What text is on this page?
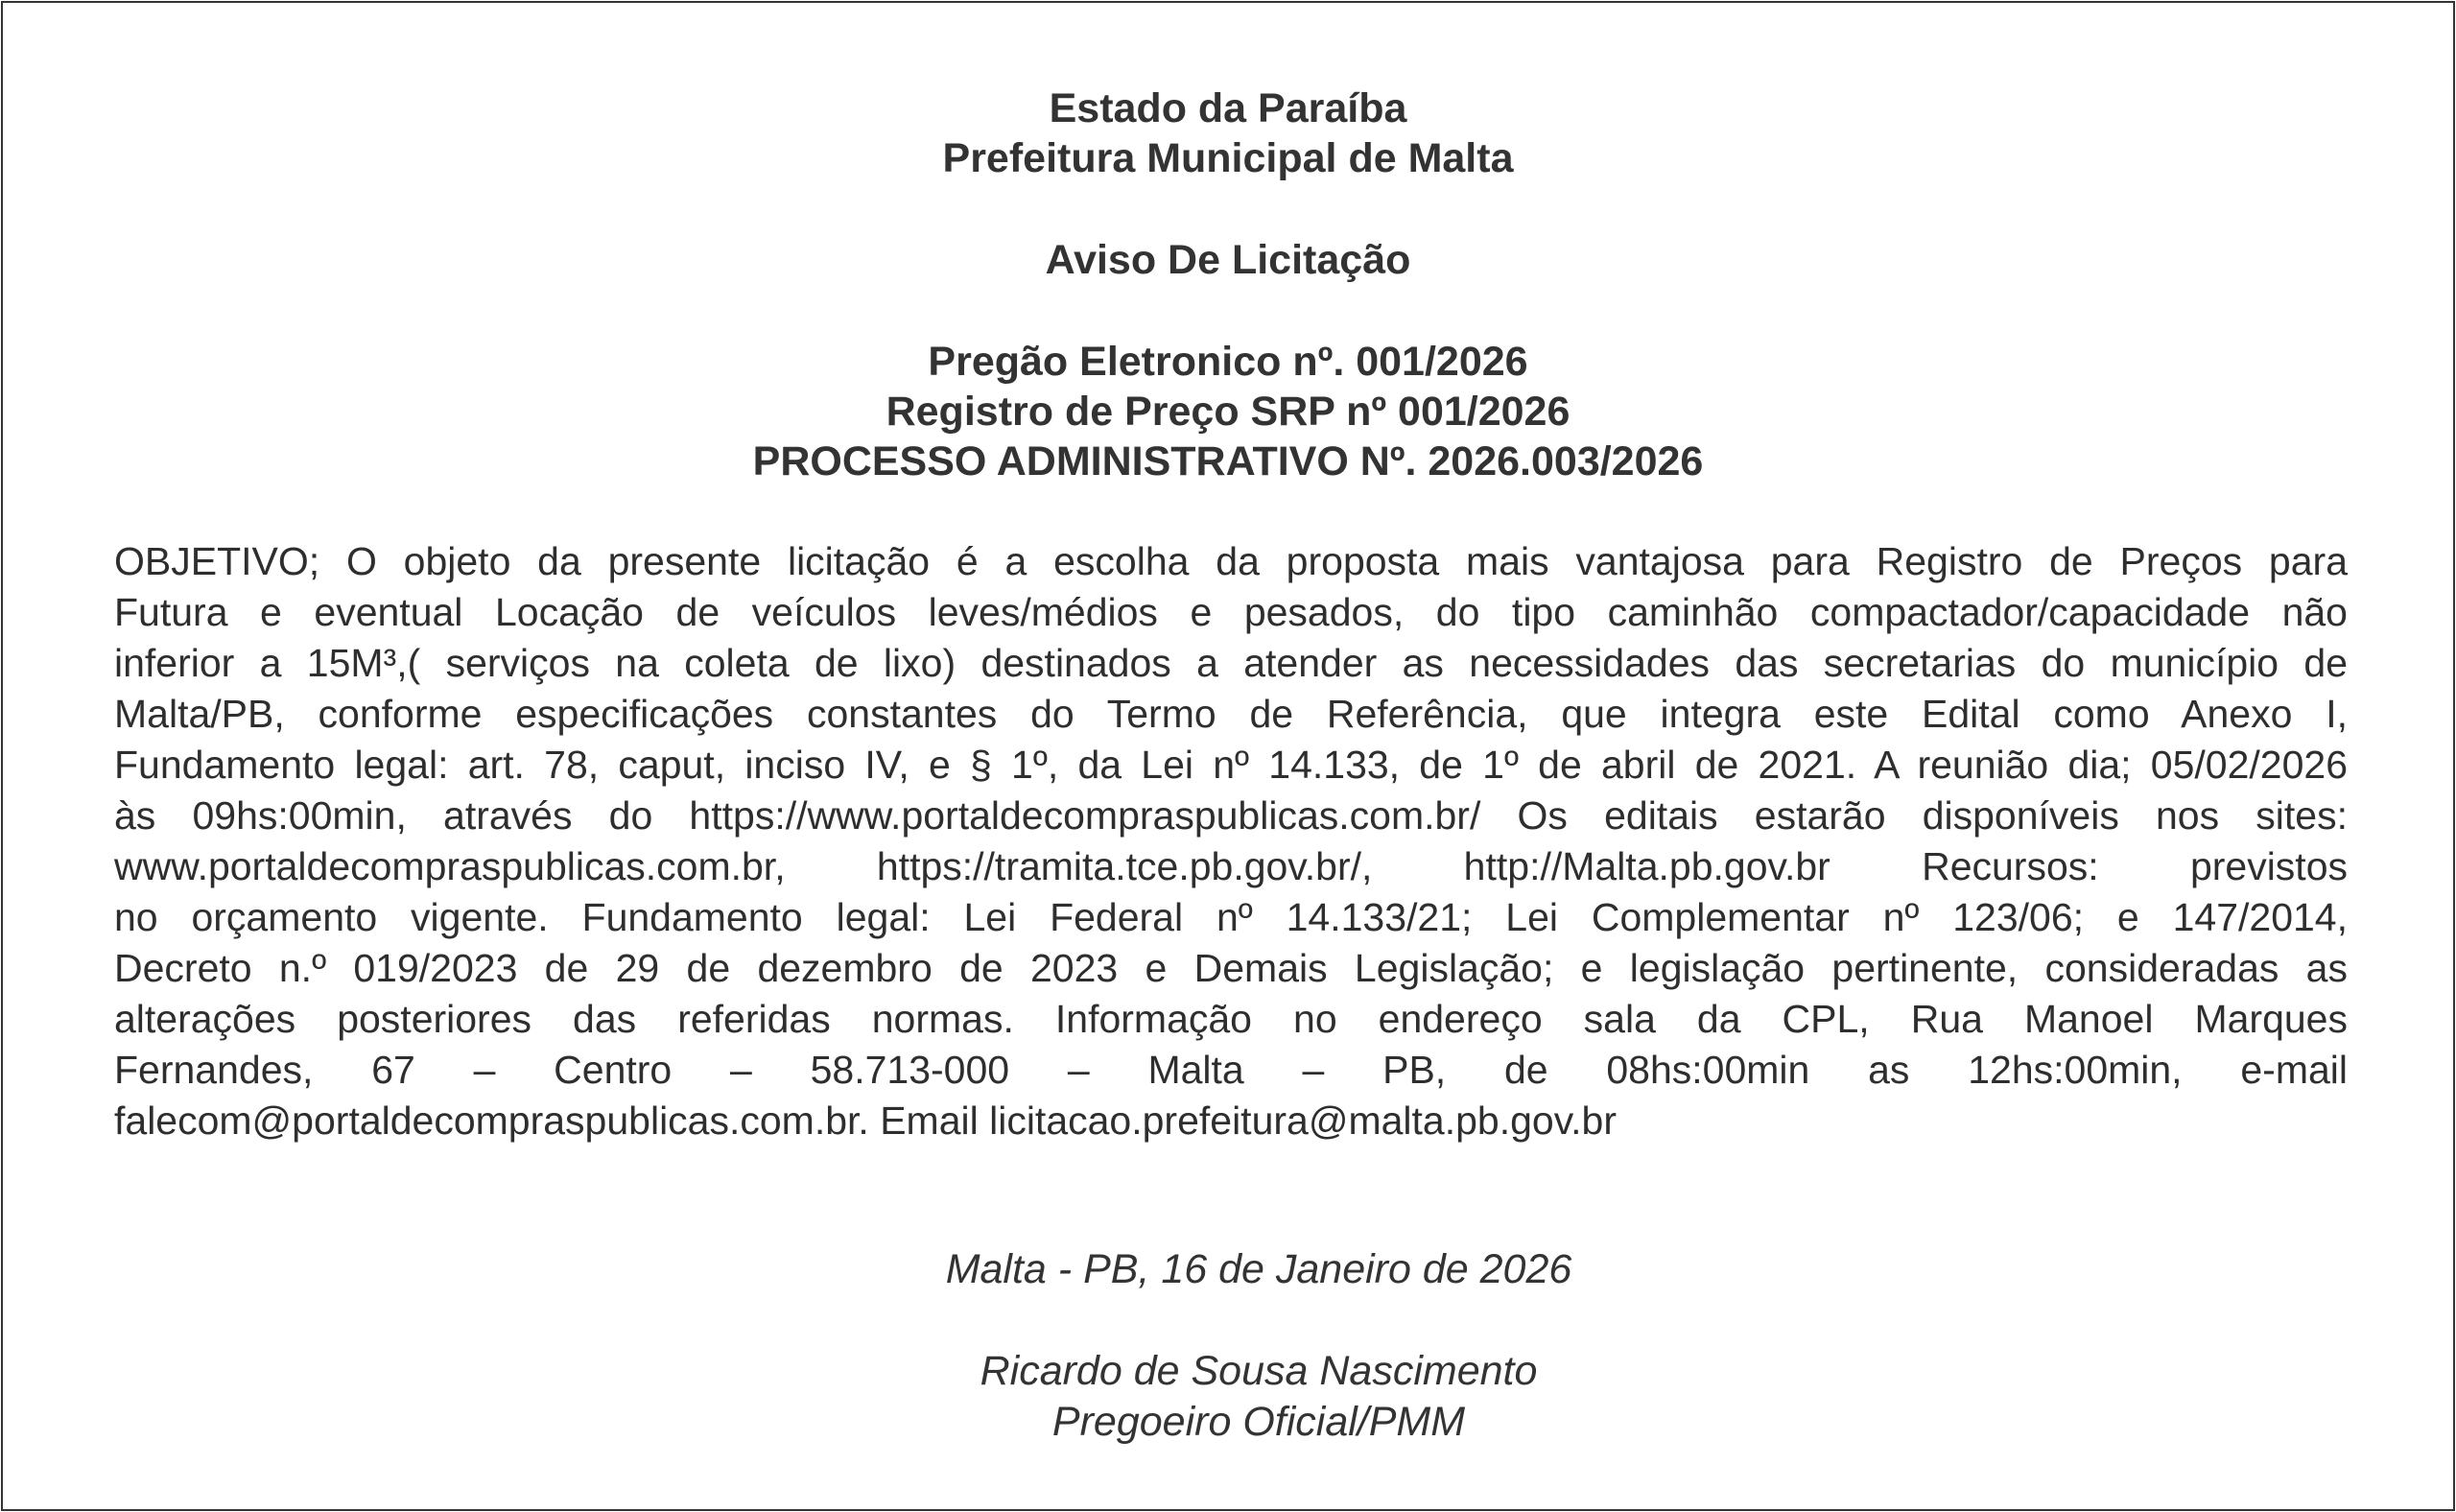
Estado da Paraíba
Prefeitura Municipal de Malta
Aviso De Licitação
Pregão Eletronico nº. 001/2026
Registro de Preço SRP nº 001/2026
PROCESSO ADMINISTRATIVO Nº. 2026.003/2026
OBJETIVO; O objeto da presente licitação é a escolha da proposta mais vantajosa para Registro de Preços para
Futura e eventual Locação de veículos leves/médios e pesados, do tipo caminhão compactador/capacidade não
inferior a 15M³,( serviços na coleta de lixo) destinados a atender as necessidades das secretarias do município de
Malta/PB, conforme especificações constantes do Termo de Referência, que integra este Edital como Anexo I,
Fundamento legal: art. 78, caput, inciso IV, e § 1º, da Lei nº 14.133, de 1º de abril de 2021. A reunião dia; 05/02/2026
às 09hs:00min, através do https://www.portaldecompraspublicas.com.br/ Os editais estarão disponíveis nos sites:
www.portaldecompraspublicas.com.br, https://tramita.tce.pb.gov.br/, http://Malta.pb.gov.br Recursos: previstos
no orçamento vigente. Fundamento legal: Lei Federal nº 14.133/21; Lei Complementar nº 123/06; e 147/2014,
Decreto n.º 019/2023 de 29 de dezembro de 2023 e Demais Legislação; e legislação pertinente, consideradas as
alterações posteriores das referidas normas. Informação no endereço sala da CPL, Rua Manoel Marques
Fernandes, 67 – Centro – 58.713-000 – Malta – PB, de 08hs:00min as 12hs:00min, e-mail
falecom@portaldecompraspublicas.com.br. Email licitacao.prefeitura@malta.pb.gov.br
Malta - PB, 16 de Janeiro de 2026
Ricardo de Sousa Nascimento
Pregoeiro Oficial/PMM
